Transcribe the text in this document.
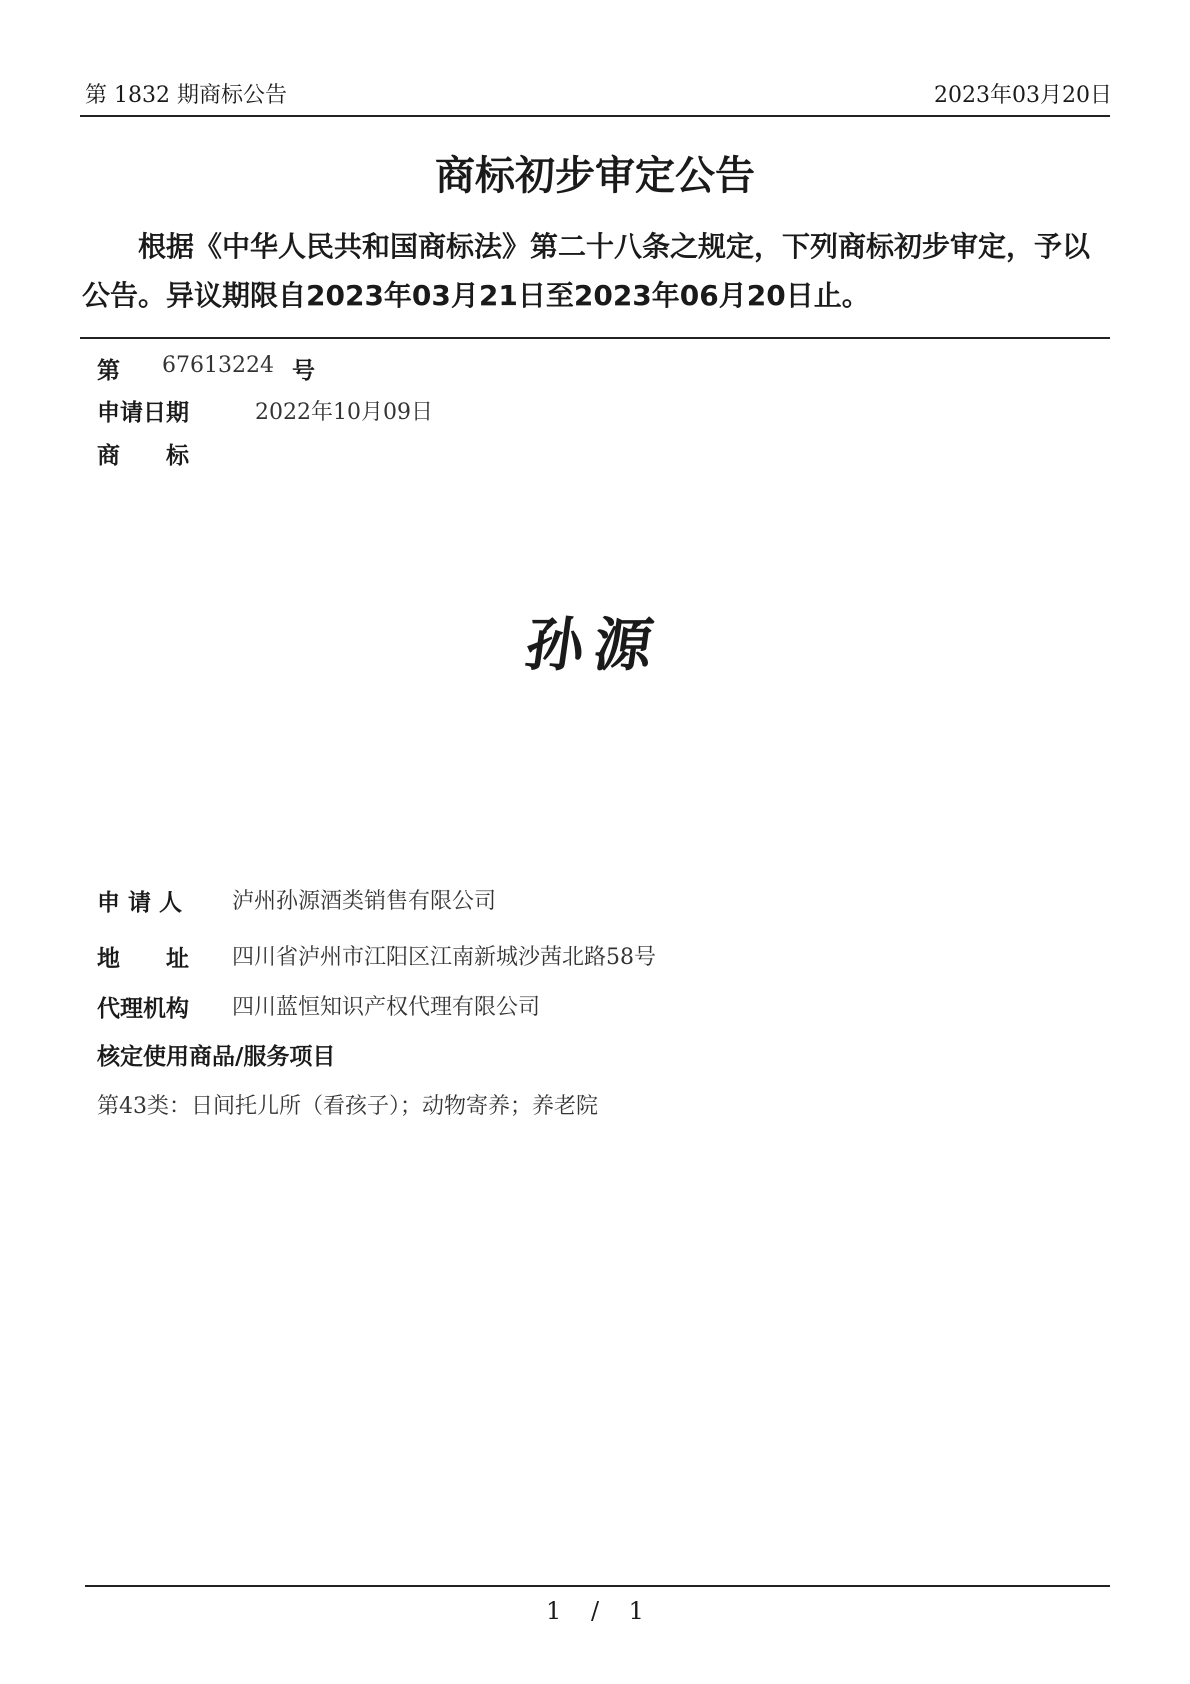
第 1832 期商标公告	2023年03月20日
商标初步审定公告
根据《中华人民共和国商标法》第二十八条之规定，下列商标初步审定，予以公告。异议期限自2023年03月21日至2023年06月20日止。
第 67613224 号
申请日期	2022年10月09日
商　　标
孙源
申 请 人 泸州孙源酒类销售有限公司
地　　址 四川省泸州市江阳区江南新城沙茜北路58号
代理机构 四川蓝恒知识产权代理有限公司
核定使用商品/服务项目
第43类：日间托儿所（看孩子）；动物寄养；养老院
1 / 1
